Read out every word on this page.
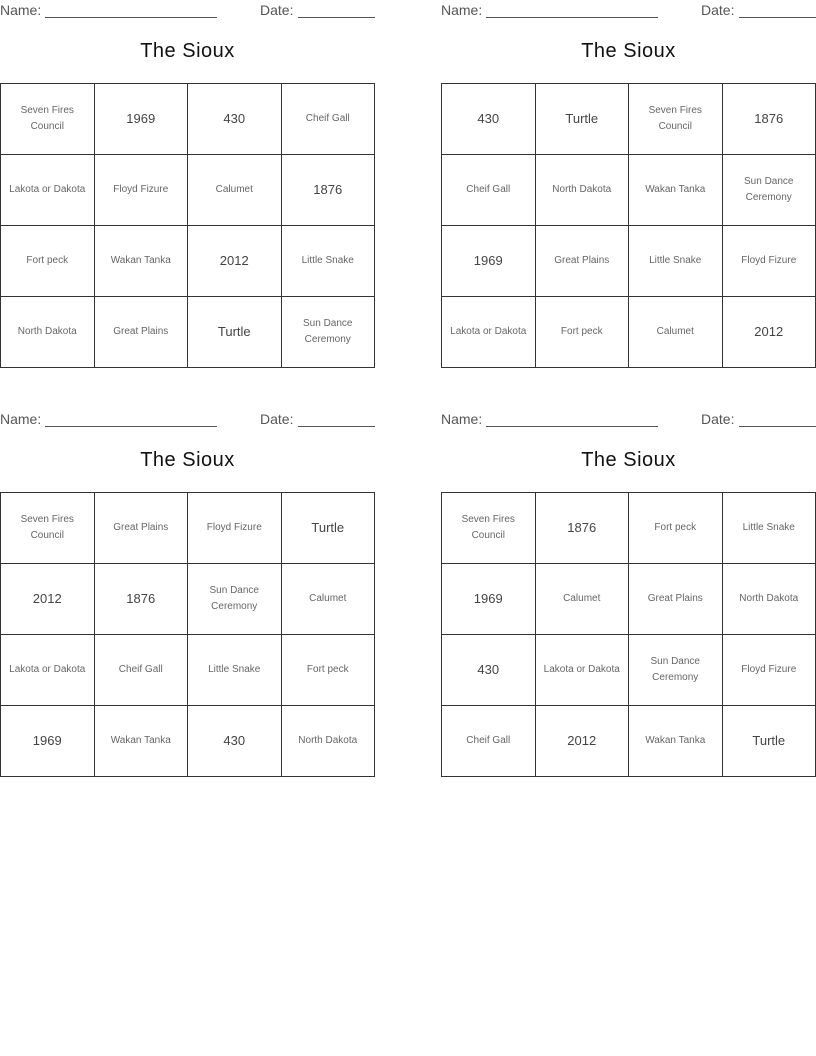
Name:	Date:
The Sioux
Seven Fires Council	1969	430	Cheif Gall
Lakota or Dakota	Floyd Fizure	Calumet	1876
Fort peck	Wakan Tanka	2012	Little Snake
North Dakota	Great Plains	Turtle	Sun Dance Ceremony
Name:	Date:
The Sioux
430	Turtle	Seven Fires Council	1876
Cheif Gall	North Dakota	Wakan Tanka	Sun Dance Ceremony
1969	Great Plains	Little Snake	Floyd Fizure
Lakota or Dakota	Fort peck	Calumet	2012
Name:	Date:
The Sioux
Seven Fires Council	Great Plains	Floyd Fizure	Turtle
2012	1876	Sun Dance Ceremony	Calumet
Lakota or Dakota	Cheif Gall	Little Snake	Fort peck
1969	Wakan Tanka	430	North Dakota
Name:	Date:
The Sioux
Seven Fires Council	1876	Fort peck	Little Snake
1969	Calumet	Great Plains	North Dakota
430	Lakota or Dakota	Sun Dance Ceremony	Floyd Fizure
Cheif Gall	2012	Wakan Tanka	Turtle
